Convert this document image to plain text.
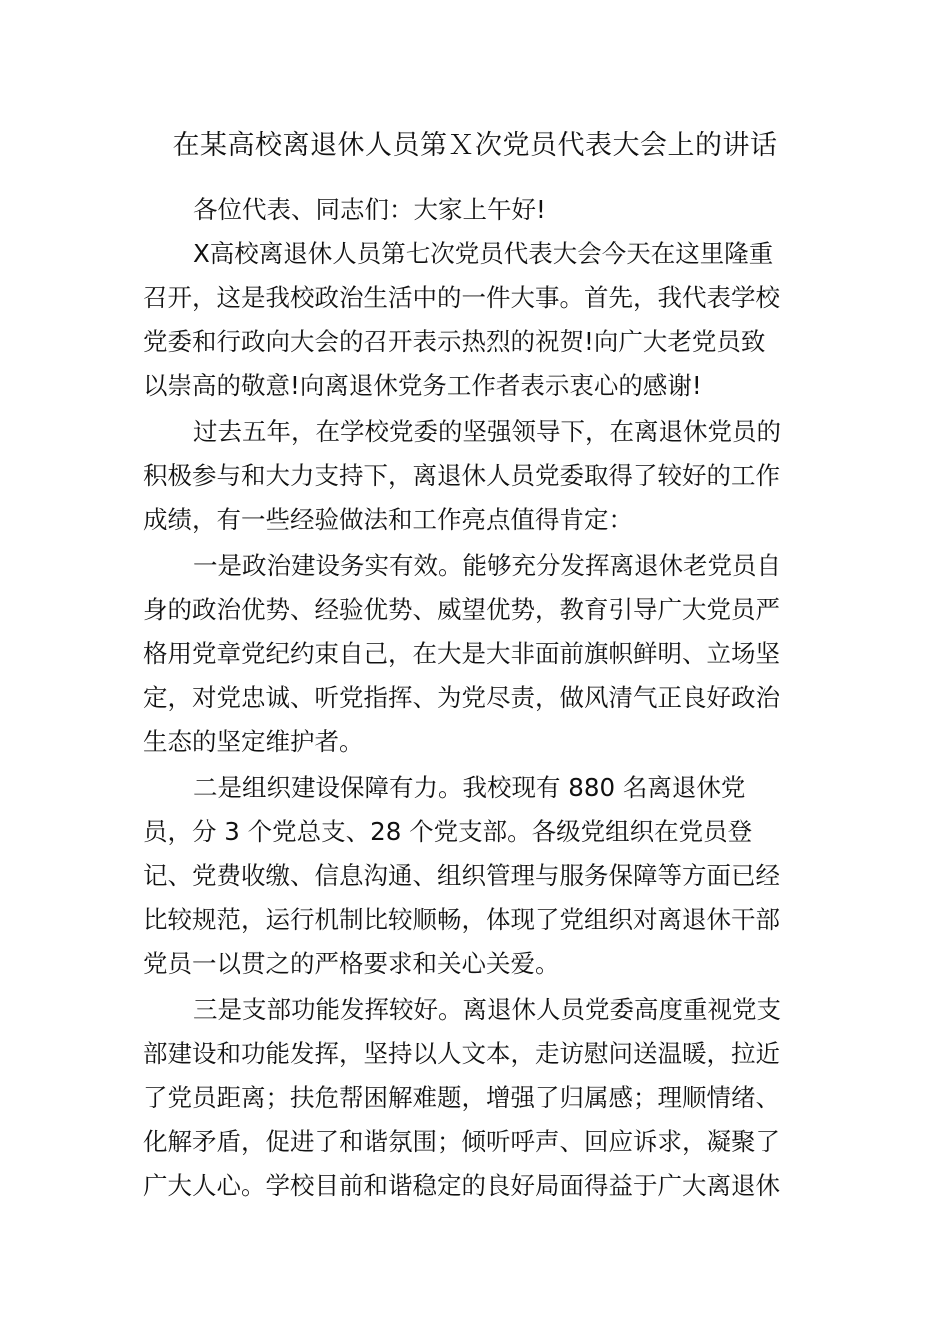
在某高校离退休人员第Ｘ次党员代表大会上的讲话
各位代表、同志们：大家上午好!
X高校离退休人员第七次党员代表大会今天在这里隆重
召开，这是我校政治生活中的一件大事。首先，我代表学校
党委和行政向大会的召开表示热烈的祝贺!向广大老党员致
以崇高的敬意!向离退休党务工作者表示衷心的感谢!
过去五年，在学校党委的坚强领导下，在离退休党员的
积极参与和大力支持下，离退休人员党委取得了较好的工作
成绩，有一些经验做法和工作亮点值得肯定：
一是政治建设务实有效。能够充分发挥离退休老党员自
身的政治优势、经验优势、威望优势，教育引导广大党员严
格用党章党纪约束自己，在大是大非面前旗帜鲜明、立场坚
定，对党忠诚、听党指挥、为党尽责，做风清气正良好政治
生态的坚定维护者。
二是组织建设保障有力。我校现有 880 名离退休党
员，分 3 个党总支、28 个党支部。各级党组织在党员登
记、党费收缴、信息沟通、组织管理与服务保障等方面已经
比较规范，运行机制比较顺畅，体现了党组织对离退休干部
党员一以贯之的严格要求和关心关爱。
三是支部功能发挥较好。离退休人员党委高度重视党支
部建设和功能发挥，坚持以人文本，走访慰问送温暖，拉近
了党员距离；扶危帮困解难题，增强了归属感；理顺情绪、
化解矛盾，促进了和谐氛围；倾听呼声、回应诉求，凝聚了
广大人心。学校目前和谐稳定的良好局面得益于广大离退休
